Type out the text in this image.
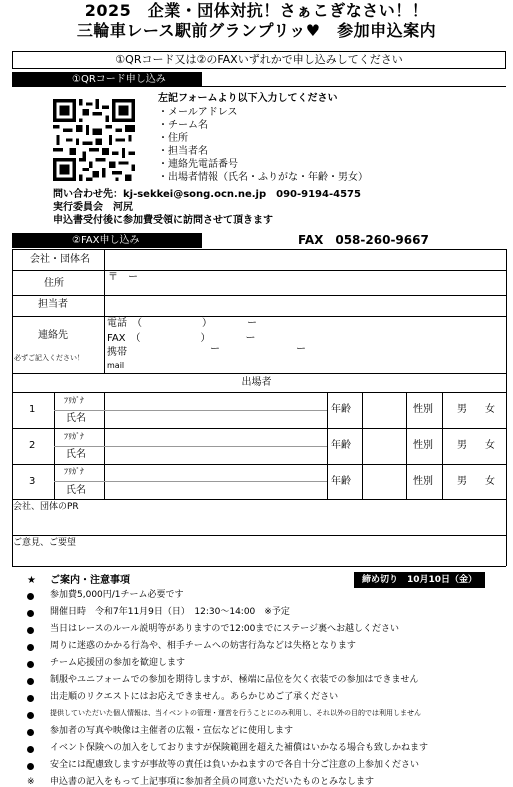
2025　企業・団体対抗！さぁこぎなさい！！
三輪車レース駅前グランプリッ♥　参加申込案内
①QRコード又は②のFAXいずれかで申し込みしてください
①QRコード申し込み
左記フォームより以下入力してください
・メールアドレス
・チーム名
・住所
・担当者名
・連絡先電話番号
・出場者情報（氏名・ふりがな・年齢・男女）
問い合わせ先：kj-sekkei@song.ocn.ne.jp　090-9194-4575
実行委員会　河尻
申込書受付後に参加費受領に訪問させて頂きます
②FAX申し込み	FAX　058-260-9667
会社・団体名
住所
〒　ー
担当者
連絡先
必ずご記入ください！
電話　（　　　　　　）　　　　ー
FAX　（　　　　　　）　　　　ー
携帯	ー	ー
mail
出場者
1
ﾌﾘｶﾞﾅ
氏名
年齢	性別 男 女
2
ﾌﾘｶﾞﾅ
氏名
年齢	性別 男 女
3
ﾌﾘｶﾞﾅ
氏名
年齢	性別 男 女
会社、団体のPR
ご意見、ご要望
★ ご案内・注意事項	締め切り　10月10日（金）
参加費5,000円/1チーム必要です
開催日時　令和7年11月9日（日）　12:30～14:00　※予定
当日はレースのルール説明等がありますので12:00までにステージ裏へお越しください
周りに迷惑のかかる行為や、相手チームへの妨害行為などは失格となります
チーム応援団の参加を歓迎します
制服やユニフォームでの参加を期待しますが、極端に品位を欠く衣装での参加はできません
出走順のリクエストにはお応えできません。あらかじめご了承ください
提供していただいた個人情報は、当イベントの管理・運営を行うことにのみ利用し、それ以外の目的では利用しません
参加者の写真や映像は主催者の広報・宣伝などに使用します
イベント保険への加入をしておりますが保険範囲を超えた補償はいかなる場合も致しかねます
安全には配慮致しますが事故等の責任は負いかねますので各自十分ご注意の上参加ください
※ 申込書の記入をもって上記事項に参加者全員の同意いただいたものとみなします
